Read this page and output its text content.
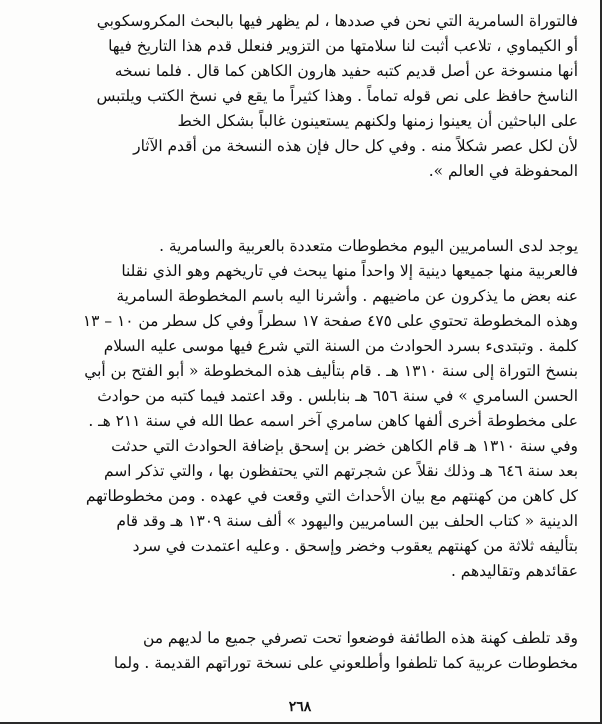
فالتوراة السامرية التي نحن في صددها ، لم يظهر فيها بالبحث المكروسكوبي
أو الكيماوي ، تلاعب أثبت لنا سلامتها من التزوير فنعلل قدم هذا التاريخ فيها
أنها منسوخة عن أصل قديم كتبه حفيد هارون الكاهن كما قال . فلما نسخه
الناسخ حافظ على نص قوله تماماً . وهذا كثيراً ما يقع في نسخ الكتب ويلتبس
على الباحثين أن يعينوا زمنها ولكنهم يستعينون غالباً بشكل الخط
لأن لكل عصر شكلاً منه . وفي كل حال فإن هذه النسخة من أقدم الآثار
المحفوظة في العالم ».
يوجد لدى السامريين اليوم مخطوطات متعددة بالعربية والسامرية .
فالعربية منها جميعها دينية إلا واحداً منها يبحث في تاريخهم وهو الذي نقلنا
عنه بعض ما يذكرون عن ماضيهم . وأشرنا اليه باسم المخطوطة السامرية
وهذه المخطوطة تحتوي على ٤٧٥ صفحة ١٧ سطراً وفي كل سطر من ١٠ – ١٣
كلمة . وتبتدىء بسرد الحوادث من السنة التي شرع فيها موسى عليه السلام
بنسخ التوراة إلى سنة ١٣١٠ هـ . قام بتأليف هذه المخطوطة « أبو الفتح بن أبي
الحسن السامري » في سنة ٦٥٦ هـ بنابلس . وقد اعتمد فيما كتبه من حوادث
على مخطوطة أخرى ألفها كاهن سامري آخر اسمه عطا الله في سنة ٢١١ هـ .
وفي سنة ١٣١٠ هـ قام الكاهن خضر بن إسحق بإضافة الحوادث التي حدثت
بعد سنة ٦٤٦ هـ وذلك نقلاً عن شجرتهم التي يحتفظون بها ، والتي تذكر اسم
كل كاهن من كهنتهم مع بيان الأحداث التي وقعت في عهده . ومن مخطوطاتهم
الدينية « كتاب الحلف بين السامريين واليهود » ألف سنة ١٣٠٩ هـ وقد قام
بتأليفه ثلاثة من كهنتهم يعقوب وخضر وإسحق . وعليه اعتمدت في سرد
عقائدهم وتقاليدهم .
وقد تلطف كهنة هذه الطائفة فوضعوا تحت تصرفي جميع ما لديهم من
مخطوطات عربية كما تلطفوا وأطلعوني على نسخة توراتهم القديمة . ولما
٢٦٨
